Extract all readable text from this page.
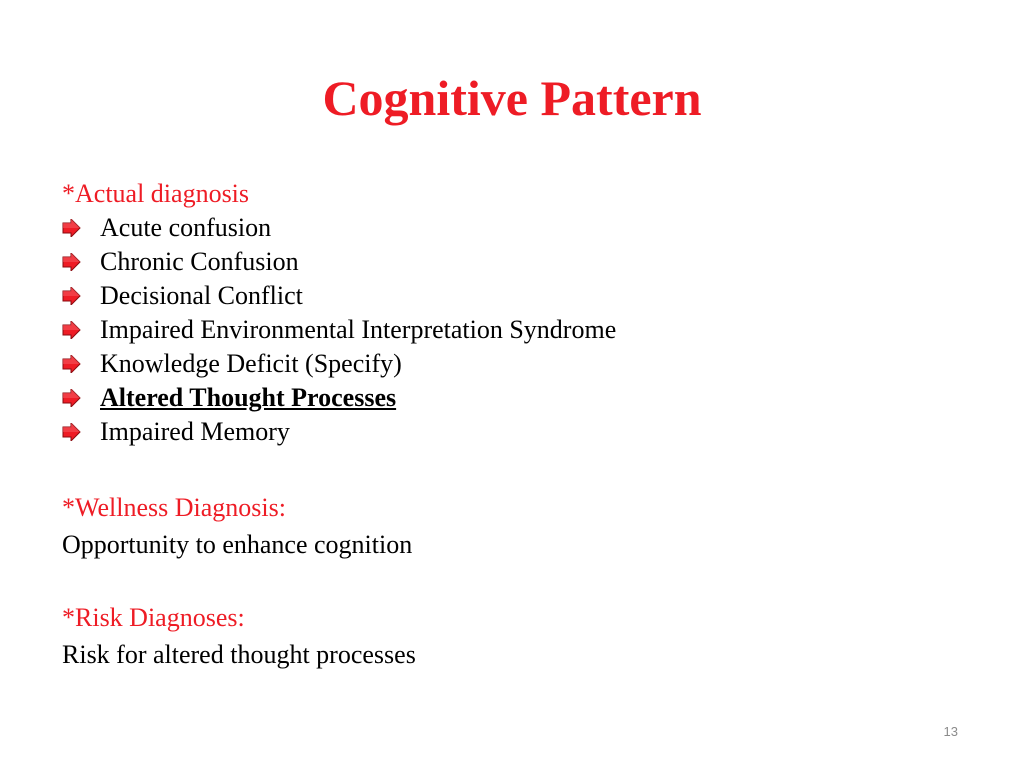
Cognitive Pattern
*Actual diagnosis
Acute confusion
Chronic Confusion
Decisional Conflict
Impaired Environmental Interpretation Syndrome
Knowledge Deficit (Specify)
Altered Thought Processes
Impaired Memory
*Wellness Diagnosis:
Opportunity to enhance cognition
*Risk Diagnoses:
Risk for altered thought processes
13
